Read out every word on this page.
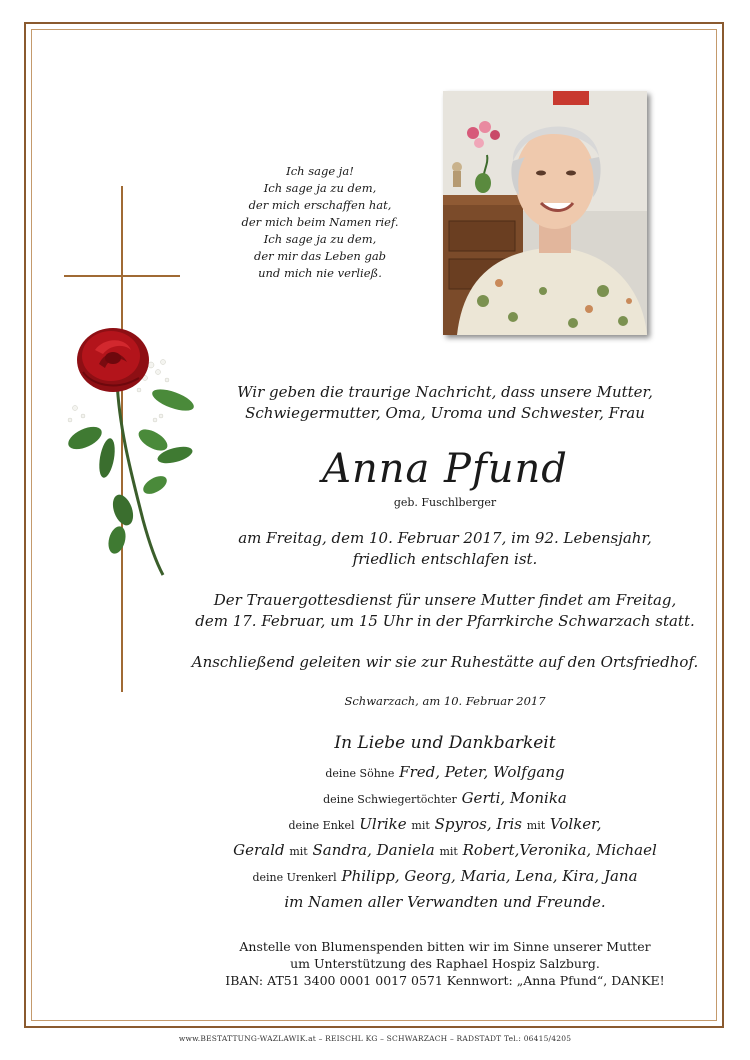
Ich sage ja!
Ich sage ja zu dem,
der mich erschaffen hat,
der mich beim Namen rief.
Ich sage ja zu dem,
der mir das Leben gab
und mich nie verließ.
Wir geben die traurige Nachricht, dass unsere Mutter,
Schwiegermutter, Oma, Uroma und Schwester, Frau
Anna Pfund
geb. Fuschlberger
am Freitag, dem 10. Februar 2017, im 92. Lebensjahr,
friedlich entschlafen ist.
Der Trauergottesdienst für unsere Mutter findet am Freitag,
dem 17. Februar, um 15 Uhr in der Pfarrkirche Schwarzach statt.
Anschließend geleiten wir sie zur Ruhestätte auf den Ortsfriedhof.
Schwarzach, am 10. Februar 2017
In Liebe und Dankbarkeit
deine Söhne Fred, Peter, Wolfgang
deine Schwiegertöchter Gerti, Monika
deine Enkel Ulrike mit Spyros, Iris mit Volker,
Gerald mit Sandra, Daniela mit Robert,Veronika, Michael
deine Urenkerl Philipp, Georg, Maria, Lena, Kira, Jana
im Namen aller Verwandten und Freunde.
Anstelle von Blumenspenden bitten wir im Sinne unserer Mutter
um Unterstützung des Raphael Hospiz Salzburg.
IBAN: AT51 3400 0001 0017 0571 Kennwort: „Anna Pfund“, DANKE!
www.BESTATTUNG-WAZLAWIK.at – REISCHL KG – SCHWARZACH – RADSTADT Tel.: 06415/4205
